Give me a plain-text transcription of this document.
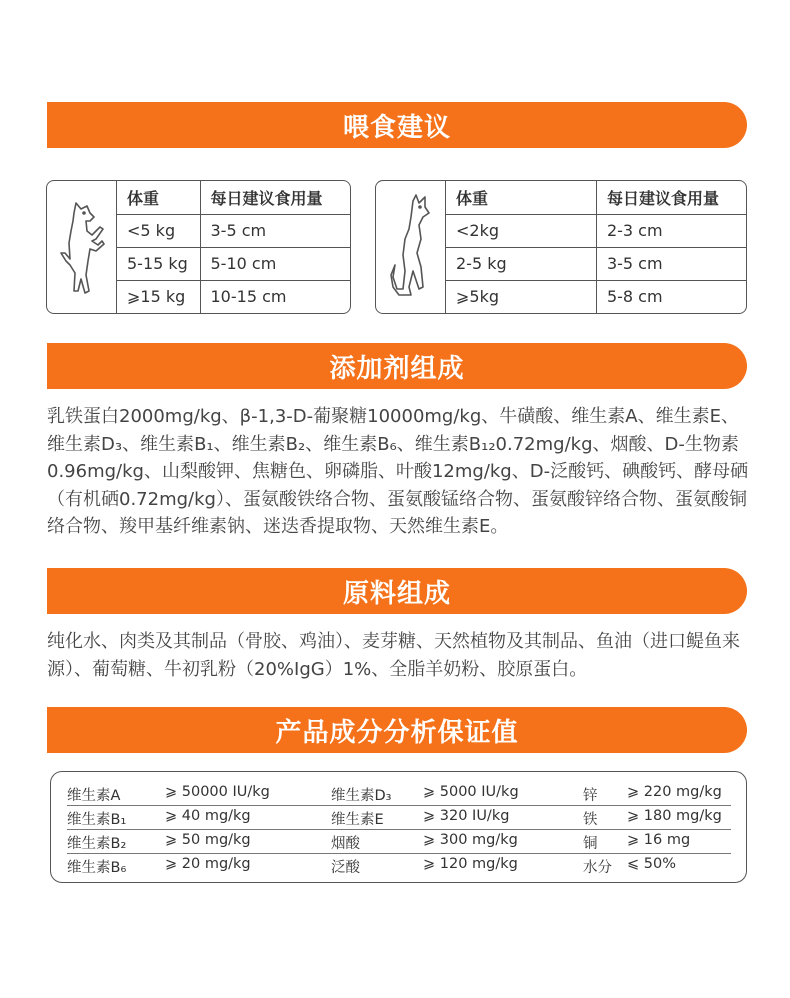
喂食建议
体重	每日建议食用量
<5 kg	3-5 cm
5-15 kg	5-10 cm
⩾15 kg	10-15 cm
体重	每日建议食用量
<2kg	2-3 cm
2-5 kg	3-5 cm
⩾5kg	5-8 cm
添加剂组成

乳铁蛋白2000mg/kg、β-1,3-D-葡聚糖10000mg/kg、牛磺酸、维生素A、维生素E、维生素D₃、维生素B₁、维生素B₂、维生素B₆、维生素B₁₂0.72mg/kg、烟酸、D-生物素0.96mg/kg、山梨酸钾、焦糖色、卵磷脂、叶酸12mg/kg、D-泛酸钙、碘酸钙、酵母硒（有机硒0.72mg/kg）、蛋氨酸铁络合物、蛋氨酸锰络合物、蛋氨酸锌络合物、蛋氨酸铜络合物、羧甲基纤维素钠、迷迭香提取物、天然维生素E。

原料组成

纯化水、肉类及其制品（骨胶、鸡油）、麦芽糖、天然植物及其制品、鱼油（进口鳀鱼来源）、葡萄糖、牛初乳粉（20%IgG）1%、全脂羊奶粉、胶原蛋白。

产品成分分析保证值
维生素A	⩾ 50000 IU/kg	维生素D₃ ⩾ 5000 IU/kg	锌 ⩾ 220 mg/kg
维生素B₁	⩾ 40 mg/kg	维生素E	⩾ 320 IU/kg	铁 ⩾ 180 mg/kg
维生素B₂	⩾ 50 mg/kg	烟酸	⩾ 300 mg/kg	铜 ⩾ 16 mg
维生素B₆	⩾ 20 mg/kg	泛酸	⩾ 120 mg/kg	水分 ⩽ 50%
